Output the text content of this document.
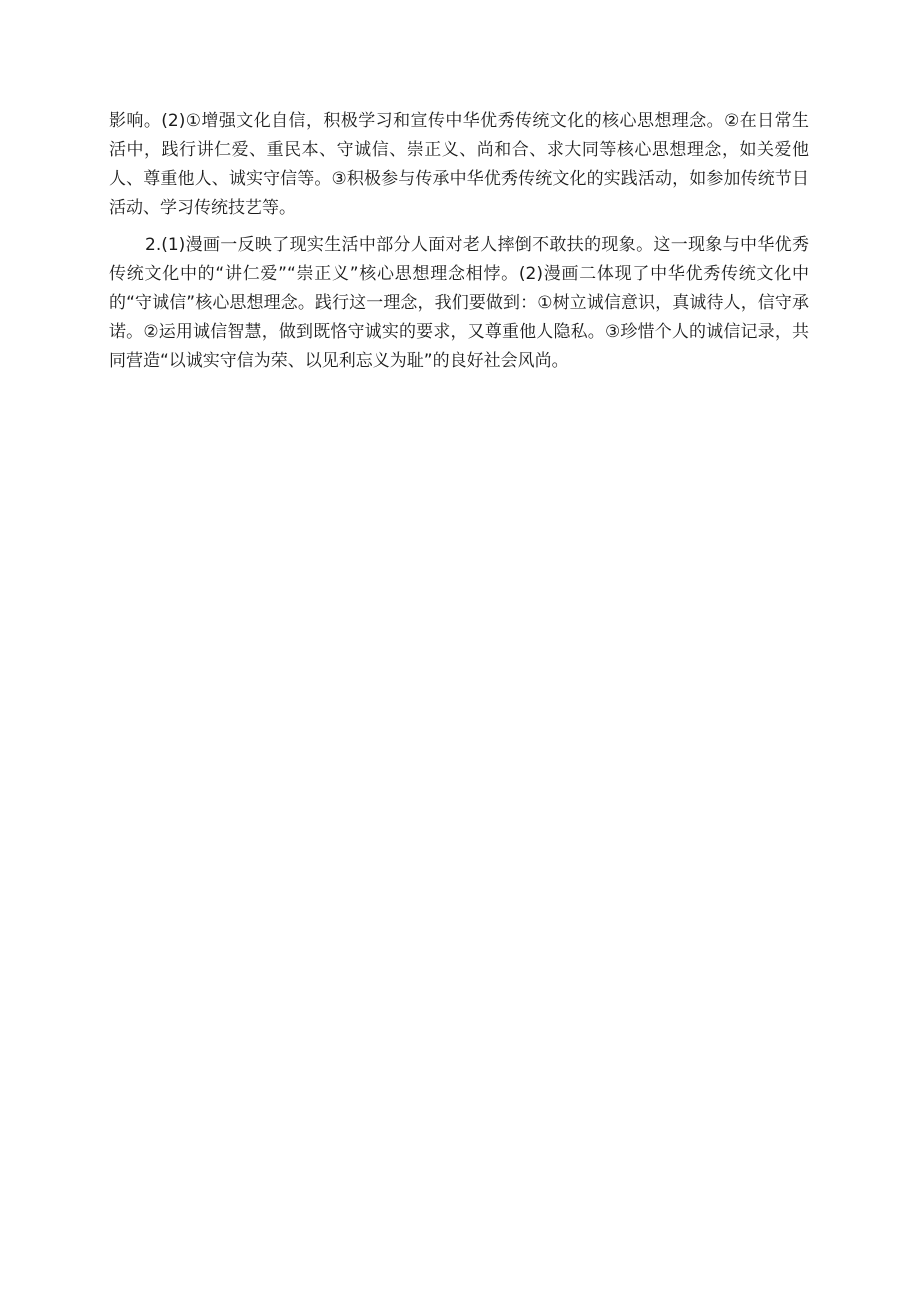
影响。(2)①增强文化自信，积极学习和宣传中华优秀传统文化的核心思想理念。②在日常生活中，践行讲仁爱、重民本、守诚信、崇正义、尚和合、求大同等核心思想理念，如关爱他人、尊重他人、诚实守信等。③积极参与传承中华优秀传统文化的实践活动，如参加传统节日活动、学习传统技艺等。

2.(1)漫画一反映了现实生活中部分人面对老人摔倒不敢扶的现象。这一现象与中华优秀传统文化中的“讲仁爱”“崇正义”核心思想理念相悖。(2)漫画二体现了中华优秀传统文化中的“守诚信”核心思想理念。践行这一理念，我们要做到：①树立诚信意识，真诚待人，信守承诺。②运用诚信智慧，做到既恪守诚实的要求，又尊重他人隐私。③珍惜个人的诚信记录，共同营造“以诚实守信为荣、以见利忘义为耻”的良好社会风尚。
